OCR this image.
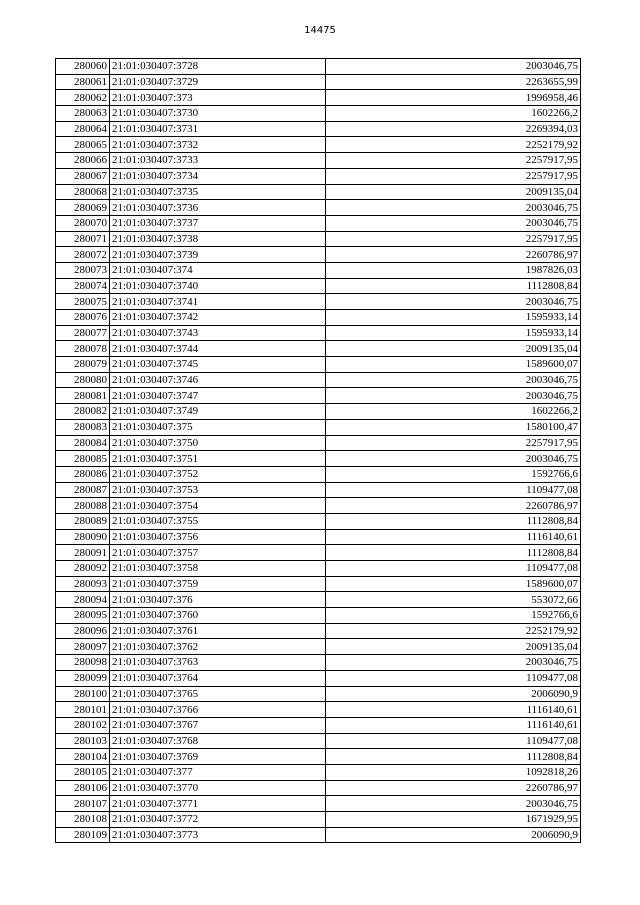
14475
280060	21:01:030407:3728	2003046,75
280061	21:01:030407:3729	2263655,99
280062	21:01:030407:373	1996958,46
280063	21:01:030407:3730	1602266,2
280064	21:01:030407:3731	2269394,03
280065	21:01:030407:3732	2252179,92
280066	21:01:030407:3733	2257917,95
280067	21:01:030407:3734	2257917,95
280068	21:01:030407:3735	2009135,04
280069	21:01:030407:3736	2003046,75
280070	21:01:030407:3737	2003046,75
280071	21:01:030407:3738	2257917,95
280072	21:01:030407:3739	2260786,97
280073	21:01:030407:374	1987826,03
280074	21:01:030407:3740	1112808,84
280075	21:01:030407:3741	2003046,75
280076	21:01:030407:3742	1595933,14
280077	21:01:030407:3743	1595933,14
280078	21:01:030407:3744	2009135,04
280079	21:01:030407:3745	1589600,07
280080	21:01:030407:3746	2003046,75
280081	21:01:030407:3747	2003046,75
280082	21:01:030407:3749	1602266,2
280083	21:01:030407:375	1580100,47
280084	21:01:030407:3750	2257917,95
280085	21:01:030407:3751	2003046,75
280086	21:01:030407:3752	1592766,6
280087	21:01:030407:3753	1109477,08
280088	21:01:030407:3754	2260786,97
280089	21:01:030407:3755	1112808,84
280090	21:01:030407:3756	1116140,61
280091	21:01:030407:3757	1112808,84
280092	21:01:030407:3758	1109477,08
280093	21:01:030407:3759	1589600,07
280094	21:01:030407:376	553072,66
280095	21:01:030407:3760	1592766,6
280096	21:01:030407:3761	2252179,92
280097	21:01:030407:3762	2009135,04
280098	21:01:030407:3763	2003046,75
280099	21:01:030407:3764	1109477,08
280100	21:01:030407:3765	2006090,9
280101	21:01:030407:3766	1116140,61
280102	21:01:030407:3767	1116140,61
280103	21:01:030407:3768	1109477,08
280104	21:01:030407:3769	1112808,84
280105	21:01:030407:377	1092818,26
280106	21:01:030407:3770	2260786,97
280107	21:01:030407:3771	2003046,75
280108	21:01:030407:3772	1671929,95
280109	21:01:030407:3773	2006090,9
